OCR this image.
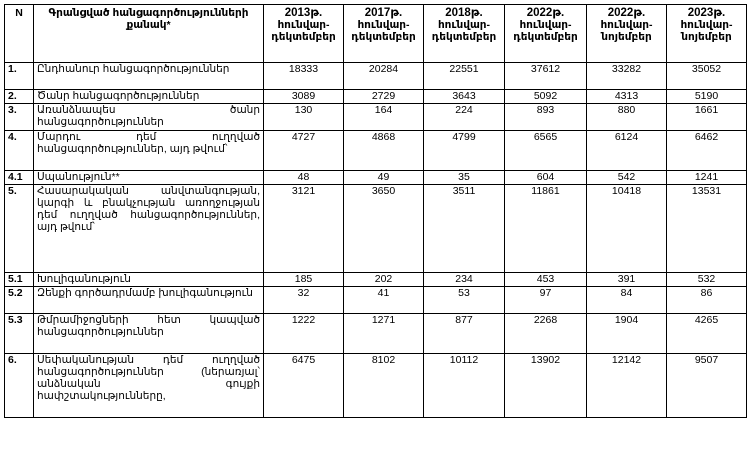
N	Գրանցված հանցագործությունների քանակ*	2013թ. հունվար-դեկտեմբեր	2017թ. հունվար-դեկտեմբեր	2018թ. հունվար-դեկտեմբեր	2022թ. հունվար-դեկտեմբեր	2022թ. հունվար-նոյեմբեր	2023թ. հունվար-նոյեմբեր
1.	Ընդհանուր հանցագործություններ	18333	20284	22551	37612	33282	35052
2.	Ծանր հանցագործություններ	3089	2729	3643	5092	4313	5190
3.	Առանձնապես ծանր հանցագործություններ	130	164	224	893	880	1661
4.	Մարդու դեմ ուղղված հանցագործություններ, այդ թվում՝	4727	4868	4799	6565	6124	6462
4.1	Սպանություն**	48	49	35	604	542	1241
5.	Հասարակական անվտանգության, կարգի և բնակչության առողջության դեմ ուղղված հանցագործություններ, այդ թվում՝	3121	3650	3511	11861	10418	13531
5.1	Խուլիգանություն	185	202	234	453	391	532
5.2	Զենքի գործադրմամբ խուլիգանություն	32	41	53	97	84	86
5.3	Թմրամիջոցների հետ կապված հանցագործություններ	1222	1271	877	2268	1904	4265
6.	Սեփականության դեմ ուղղված հանցագործություններ (ներառյալ՝ անձնական գույքի հափշտակությունները,	6475	8102	10112	13902	12142	9507
